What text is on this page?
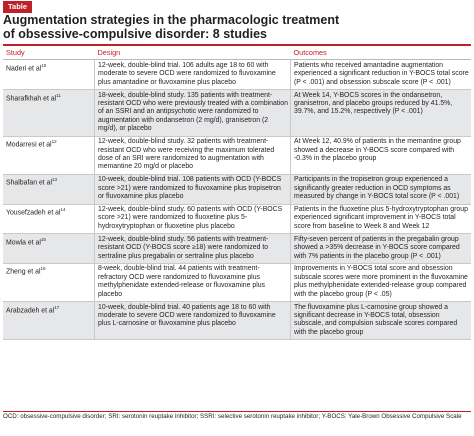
Table
Augmentation strategies in the pharmacologic treatment
of obsessive-compulsive disorder: 8 studies
Study	Design	Outcomes
Naderi et $al^{10}$	12-week, double-blind trial. 106 adults age 18 to 60 with moderate to severe OCD were randomized to fluvoxamine plus amantadine or fluvoxamine plus placebo	Patients who received amantadine augmentation experienced a significant reduction in Y-BOCS total score (P < .001) and obsession subscale score (P < .001)
Sharafkhah et $al^{11}$	18-week, double-blind study. 135 patients with treatment-resistant OCD who were previously treated with a combination of an SSRI and an antipsychotic were randomized to augmentation with ondansetron (2 mg/d), granisetron (2 mg/d), or placebo	At Week 14, Y-BOCS scores in the ondansetron, granisetron, and placebo groups reduced by 41.5%, 39.7%, and 15.2%, respectively (P < .001)
Modarresi et $al^{12}$	12-week, double-blind study. 32 patients with treatment-resistant OCD who were receiving the maximum tolerated dose of an SRI were randomized to augmentation with memantine 20 mg/d or placebo	At Week 12, 40.9% of patients in the memantine group showed a decrease in Y-BOCS score compared with -0.3% in the placebo group
Shalbafan et $al^{13}$	10-week, double-blind trial. 108 patients with OCD (Y-BOCS score >21) were randomized to fluvoxamine plus tropisetron or fluvoxamine plus placebo	Participants in the tropisetron group experienced a significantly greater reduction in OCD symptoms as measured by change in Y-BOCS total score (P < .001)
Yousefzadeh et $al^{14}$	12-week, double-blind study. 60 patients with OCD (Y-BOCS score >21) were randomized to fluoxetine plus 5-hydroxytryptophan or fluoxetine plus placebo	Patients in the fluoxetine plus 5-hydroxytryptophan group experienced significant improvement in Y-BOCS total score from baseline to Week 8 and Week 12
Mowla et $al^{15}$	12-week, double-blind study. 56 patients with treatment-resistant OCD (Y-BOCS score ≥18) were randomized to sertraline plus pregabalin or sertraline plus placebo	Fifty-seven percent of patients in the pregabalin group showed a >35% decrease in Y-BOCS score compared with 7% patients in the placebo group (P < .001)
Zheng et $al^{16}$	8-week, double-blind trial. 44 patients with treatment-refractory OCD were randomized to fluvoxamine plus methylphenidate extended-release or fluvoxamine plus placebo	Improvements in Y-BOCS total score and obsession subscale scores were more prominent in the fluvoxamine plus methylphenidate extended-release group compared with the placebo group (P < .05)
Arabzadeh et $al^{17}$	10-week, double-blind trial. 40 patients age 18 to 60 with moderate to severe OCD were randomized to fluvoxamine plus L-carnosine or fluvoxamine plus placebo	The fluvoxamine plus L-carnosine group showed a significant decrease in Y-BOCS total, obsession subscale, and compulsion subscale scores compared with the placebo group
OCD: obsessive-compulsive disorder; SRI: serotonin reuptake inhibitor; SSRI: selective serotonin reuptake inhibitor; Y-BOCS: Yale-Brown Obsessive Compulsive Scale
